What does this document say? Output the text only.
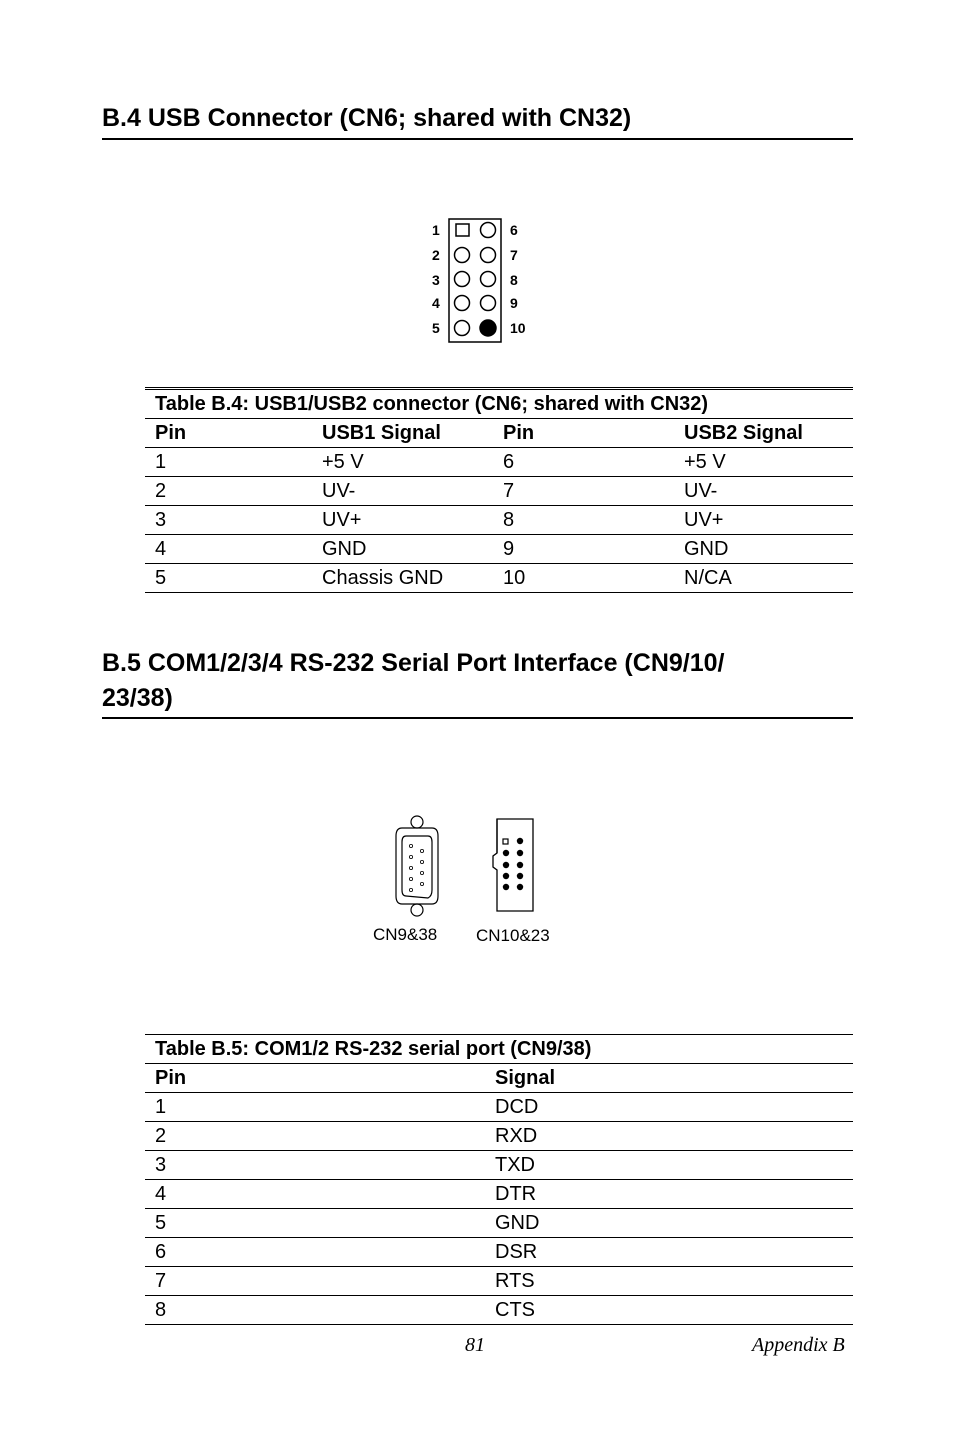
B.4 USB Connector (CN6; shared with CN32)
1
2
3
4
5
6
7
8
9
10
Table B.4: USB1/USB2 connector (CN6; shared with CN32)			
Pin	USB1 Signal	Pin	USB2 Signal
1	+5 V	6	+5 V
2	UV-	7	UV-
3	UV+	8	UV+
4	GND	9	GND
5	Chassis GND	10	N/CA
B.5 COM1/2/3/4 RS-232 Serial Port Interface (CN9/10/
23/38)
CN9&38 CN10&23
Table B.5: COM1/2 RS-232 serial port (CN9/38)	
Pin	Signal
1	DCD
2	RXD
3	TXD
4	DTR
5	GND
6	DSR
7	RTS
8	CTS
81	Appendix B
